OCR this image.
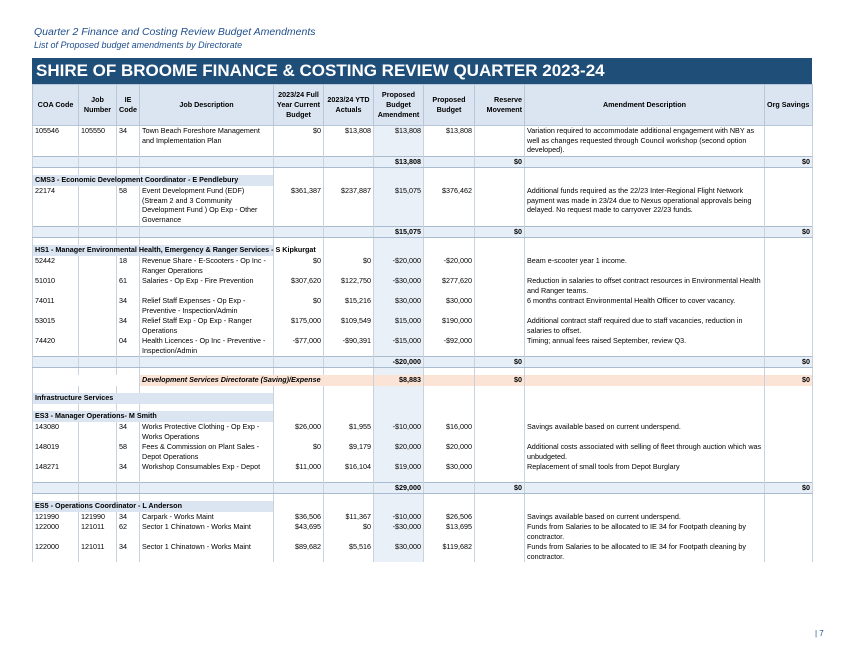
Quarter 2 Finance and Costing Review Budget Amendments
List of Proposed budget amendments by Directorate
SHIRE OF BROOME FINANCE & COSTING REVIEW QUARTER 2023-24
COA Code	Job Number	IE Code	Job Description	2023/24 Full Year Current Budget	2023/24 YTD Actuals	Proposed Budget Amendment	Proposed Budget	Reserve Movement	Amendment Description	Org Savings
105546	105550	34	Town Beach Foreshore Management and Implementation Plan	$0	$13,808	$13,808	$13,808		Variation required to accommodate additional engagement with NBY as well as changes requested through Council workshop (second option developed).	
						$13,808		$0		$0

CMS3 - Economic Development Coordinator - E Pendlebury										
22174		58	Event Development Fund (EDF) (Stream 2 and 3 Community Development Fund ) Op Exp - Other Governance	$361,387	$237,887	$15,075	$376,462		Additional funds required as the 22/23 Inter-Regional Flight Network payment was made in 23/24 due to Nexus operational approvals being delayed. No request made to carryover 22/23 funds.	
						$15,075		$0		$0

HS1 - Manager Environmental Health, Emergency & Ranger Services - S Kipkurgat										
52442		18	Revenue Share - E-Scooters - Op Inc - Ranger Operations	$0	$0	-$20,000	-$20,000		Beam e-scooter year 1 income.	
51010		61	Salaries - Op Exp - Fire Prevention	$307,620	$122,750	-$30,000	$277,620		Reduction in salaries to offset contract resources in Environmental Health and Ranger teams.	
74011		34	Relief Staff Expenses - Op Exp - Preventive - Inspection/Admin	$0	$15,216	$30,000	$30,000		6 months contract Environmental Health Officer to cover vacancy.	
53015		34	Relief Staff Exp - Op Exp - Ranger Operations	$175,000	$109,549	$15,000	$190,000		Additional contract staff required due to staff vacancies, reduction in salaries to offset.	
74420		04	Health Licences - Op Inc - Preventive - Inspection/Admin	-$77,000	-$90,391	-$15,000	-$92,000		Timing; annual fees raised September, review Q3.	
						-$20,000		$0		$0

			Development Services Directorate (Saving)/Expense			$8,883		$0		$0

Infrastructure Services										

ES3 - Manager Operations- M Smith										
143080		34	Works Protective Clothing - Op Exp - Works Operations	$26,000	$1,955	-$10,000	$16,000		Savings available based on current underspend.	
148019		58	Fees & Commission on Plant Sales - Depot Operations	$0	$9,179	$20,000	$20,000		Additional costs associated with selling of fleet through auction which was unbudgeted.	
148271		34	Workshop Consumables Exp - Depot	$11,000	$16,104	$19,000	$30,000		Replacement of small tools from Depot Burglary	
						$29,000		$0		$0

ES5 - Operations Coordinator - L Anderson										
121990	121990	34	Carpark - Works Maint	$36,506	$11,367	-$10,000	$26,506		Savings available based on current underspend.	
122000	121011	62	Sector 1 Chinatown - Works Maint	$43,695	$0	-$30,000	$13,695		Funds from Salaries to be allocated to IE 34 for Footpath cleaning by conctractor.	
122000	121011	34	Sector 1 Chinatown - Works Maint	$89,682	$5,516	$30,000	$119,682		Funds from Salaries to be allocated to IE 34 for Footpath cleaning by conctractor.	
| 7
